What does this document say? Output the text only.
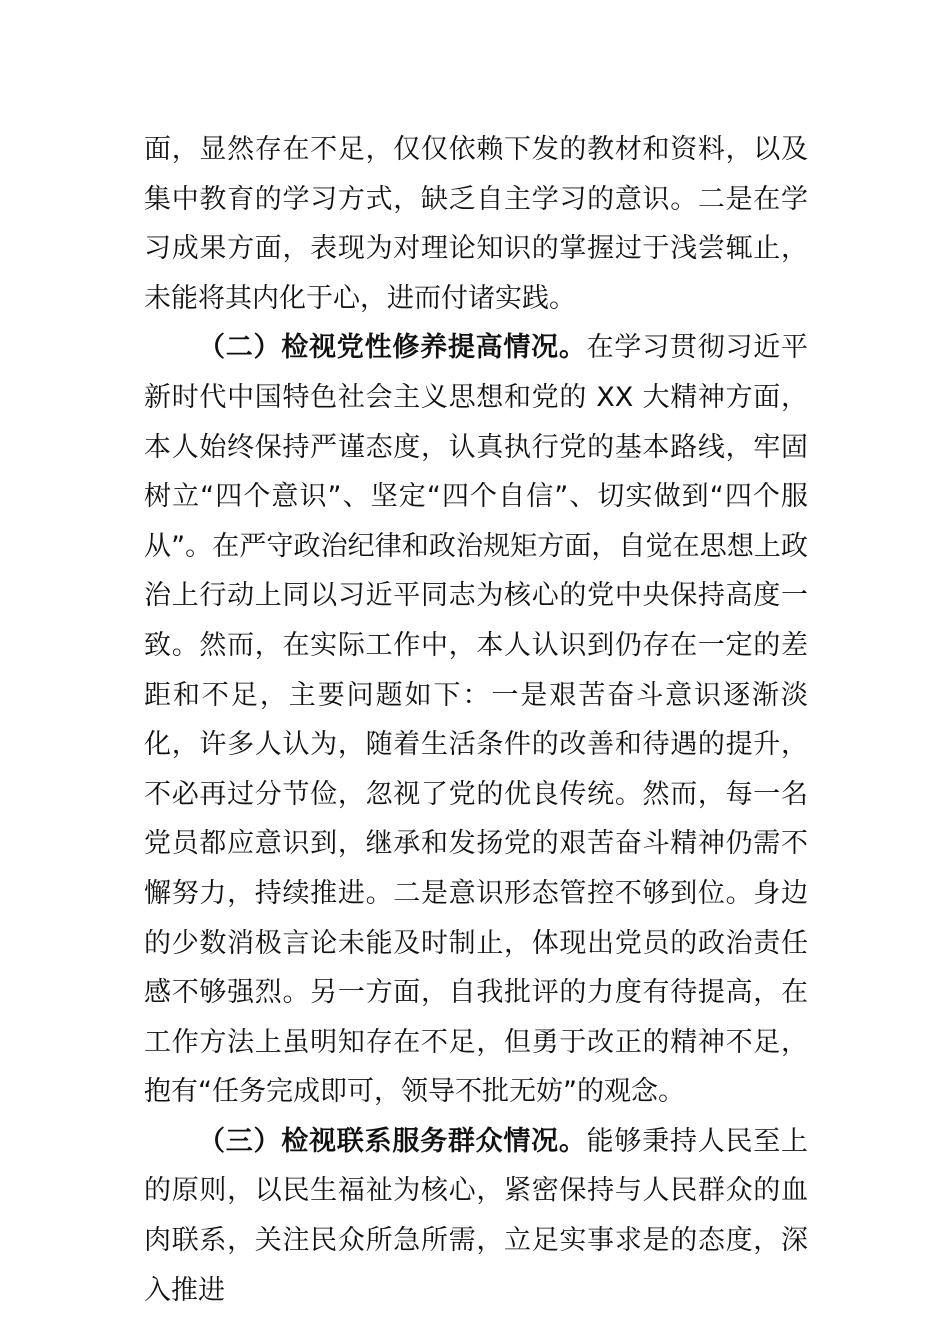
面，显然存在不足，仅仅依赖下发的教材和资料，以及集中教育的学习方式，缺乏自主学习的意识。二是在学习成果方面，表现为对理论知识的掌握过于浅尝辄止，未能将其内化于心，进而付诸实践。

（二）检视党性修养提高情况。在学习贯彻习近平新时代中国特色社会主义思想和党的 XX 大精神方面，本人始终保持严谨态度，认真执行党的基本路线，牢固树立“四个意识”、坚定“四个自信”、切实做到“四个服从”。在严守政治纪律和政治规矩方面，自觉在思想上政治上行动上同以习近平同志为核心的党中央保持高度一致。然而，在实际工作中，本人认识到仍存在一定的差距和不足，主要问题如下：一是艰苦奋斗意识逐渐淡化，许多人认为，随着生活条件的改善和待遇的提升，不必再过分节俭，忽视了党的优良传统。然而，每一名党员都应意识到，继承和发扬党的艰苦奋斗精神仍需不懈努力，持续推进。二是意识形态管控不够到位。身边的少数消极言论未能及时制止，体现出党员的政治责任感不够强烈。另一方面，自我批评的力度有待提高，在工作方法上虽明知存在不足，但勇于改正的精神不足，抱有“任务完成即可，领导不批无妨”的观念。

（三）检视联系服务群众情况。能够秉持人民至上的原则，以民生福祉为核心，紧密保持与人民群众的血肉联系，关注民众所急所需，立足实事求是的态度，深入推进
